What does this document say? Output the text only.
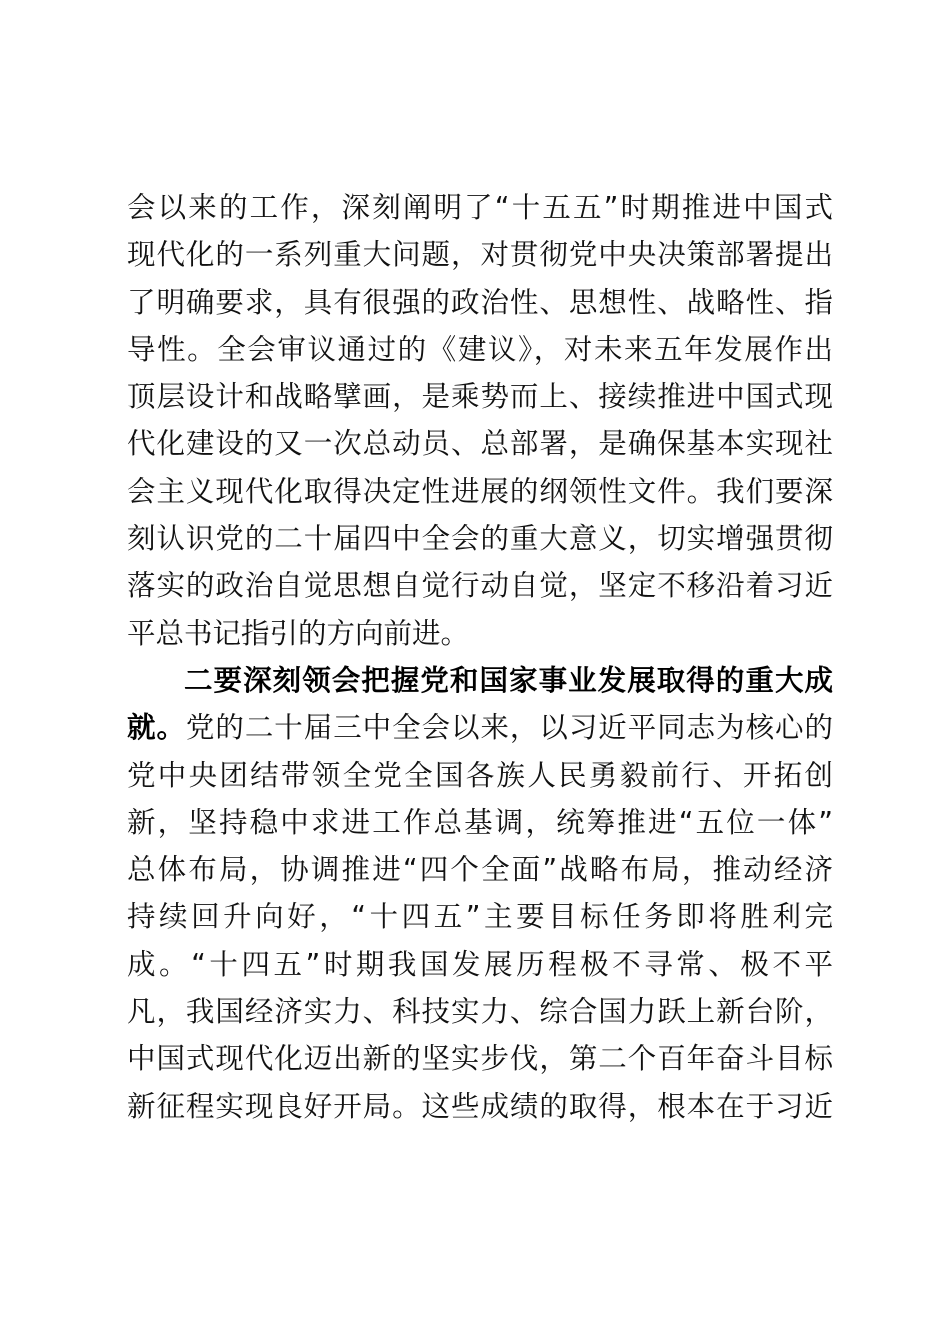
会以来的工作，深刻阐明了“十五五”时期推进中国式
现代化的一系列重大问题，对贯彻党中央决策部署提出
了明确要求，具有很强的政治性、思想性、战略性、指
导性。全会审议通过的《建议》，对未来五年发展作出
顶层设计和战略擘画，是乘势而上、接续推进中国式现
代化建设的又一次总动员、总部署，是确保基本实现社
会主义现代化取得决定性进展的纲领性文件。我们要深
刻认识党的二十届四中全会的重大意义，切实增强贯彻
落实的政治自觉思想自觉行动自觉，坚定不移沿着习近
平总书记指引的方向前进。
二要深刻领会把握党和国家事业发展取得的重大成
就。党的二十届三中全会以来，以习近平同志为核心的
党中央团结带领全党全国各族人民勇毅前行、开拓创
新，坚持稳中求进工作总基调，统筹推进“五位一体”
总体布局，协调推进“四个全面”战略布局，推动经济
持续回升向好，“十四五”主要目标任务即将胜利完
成。“十四五”时期我国发展历程极不寻常、极不平
凡，我国经济实力、科技实力、综合国力跃上新台阶，
中国式现代化迈出新的坚实步伐，第二个百年奋斗目标
新征程实现良好开局。这些成绩的取得，根本在于习近
